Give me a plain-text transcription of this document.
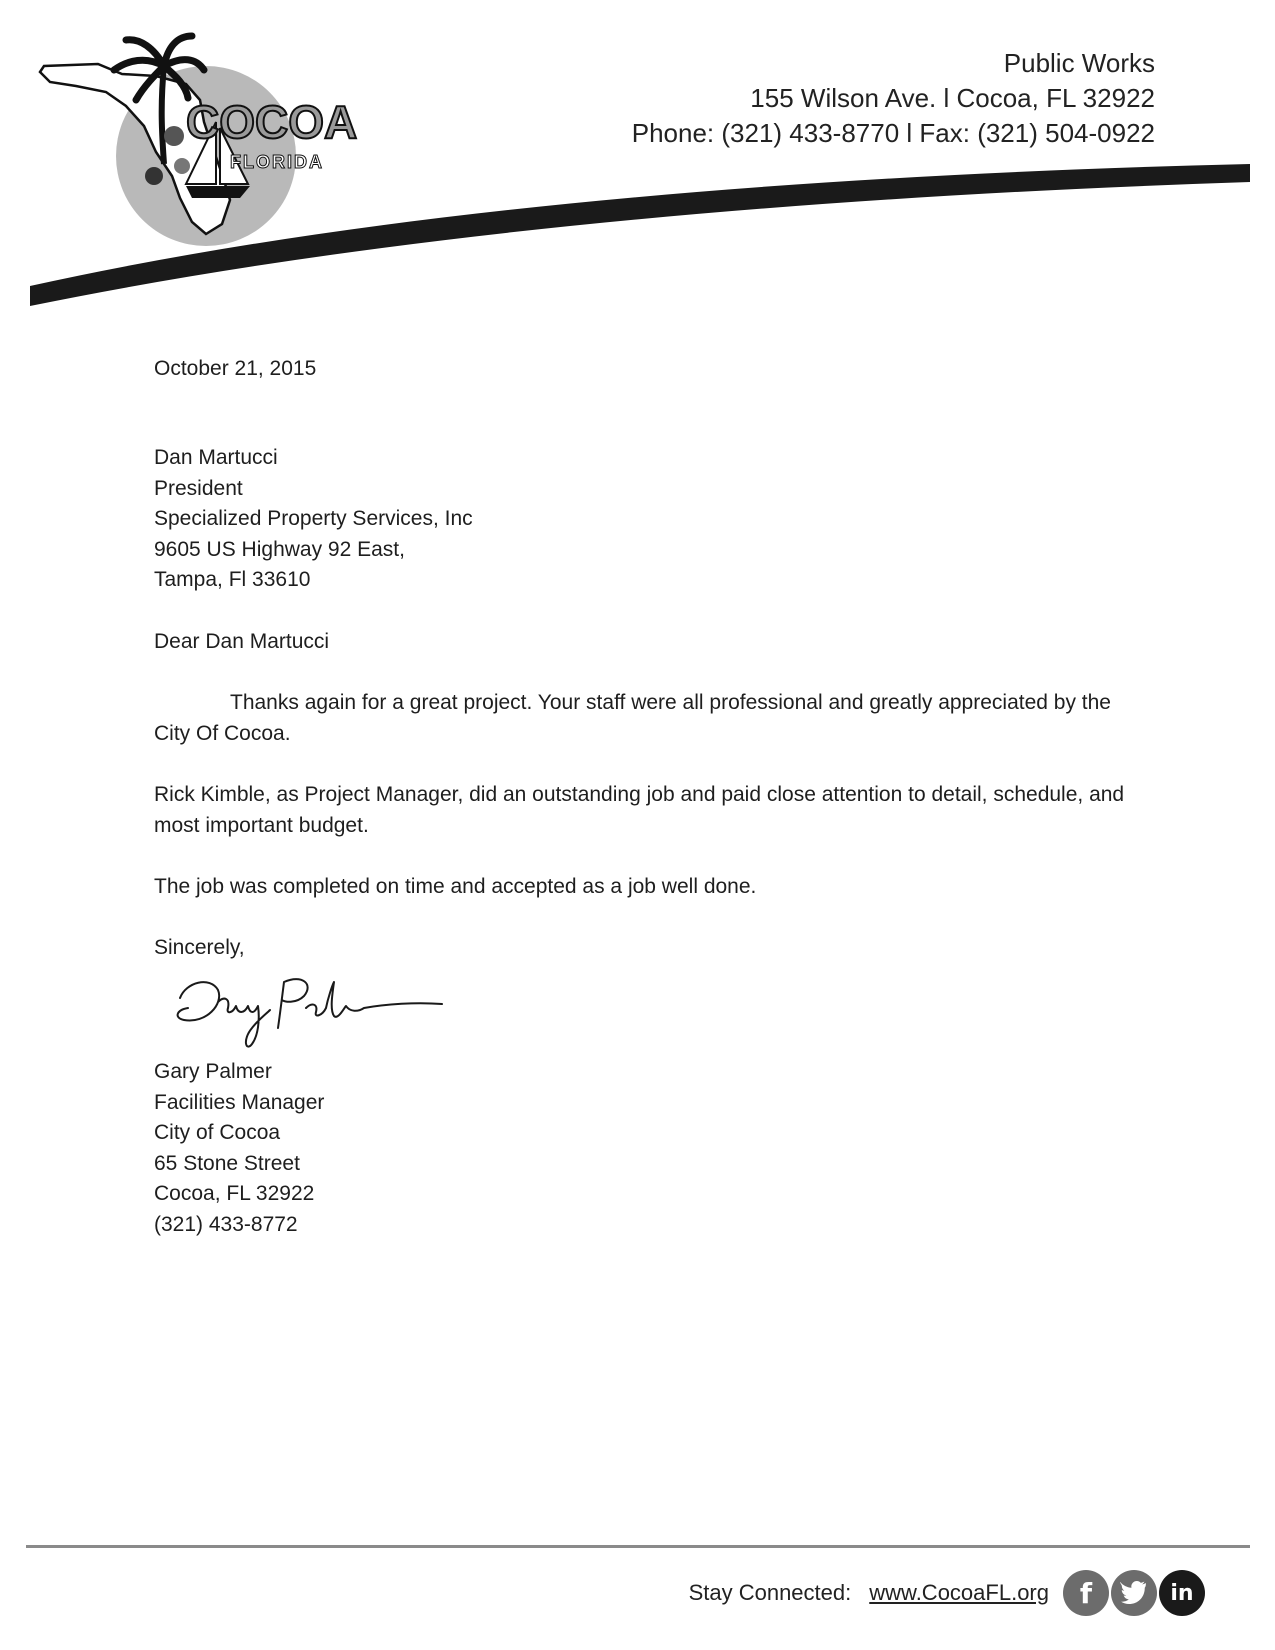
COCOA
FLORIDA
Public Works
155 Wilson Ave. l Cocoa, FL 32922
Phone: (321) 433-8770 l Fax: (321) 504-0922
October 21, 2015
Dan Martucci
President
Specialized Property Services, Inc
9605 US Highway 92 East,
Tampa, Fl 33610
Dear Dan Martucci
Thanks again for a great project. Your staff were all professional and greatly appreciated by the
City Of Cocoa.
Rick Kimble, as Project Manager, did an outstanding job and paid close attention to detail, schedule, and
most important budget.
The job was completed on time and accepted as a job well done.
Sincerely,
Gary Palmer
Facilities Manager
City of Cocoa
65 Stone Street
Cocoa, FL 32922
(321) 433-8772
Stay Connected: www.CocoaFL.org f	in
